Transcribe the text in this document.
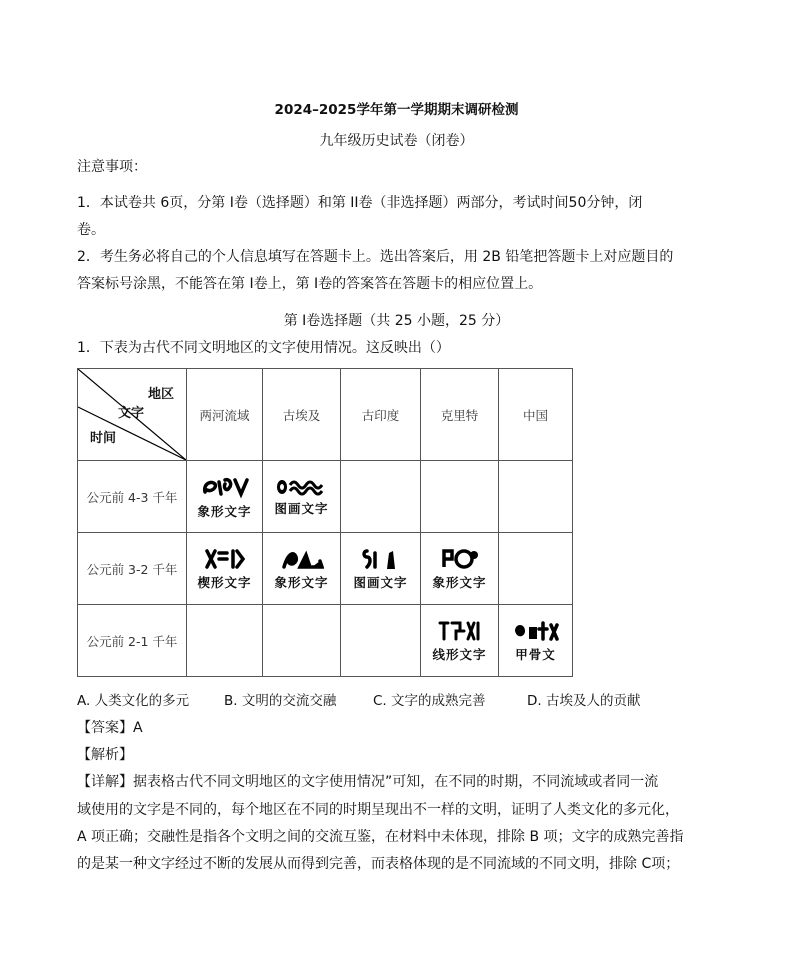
2024–2025学年第一学期期末调研检测
九年级历史试卷（闭卷）
注意事项：
1．本试卷共 6页，分第 I卷（选择题）和第 II卷（非选择题）两部分，考试时间50分钟，闭
卷。
2．考生务必将自己的个人信息填写在答题卡上。选出答案后，用 2B 铅笔把答题卡上对应题目的
答案标号涂黑，不能答在第 I卷上，第 I卷的答案答在答题卡的相应位置上。
第 I卷选择题（共 25 小题，25 分）
1．下表为古代不同文明地区的文字使用情况。这反映出（）
地区
文字
时间	两河流域	古埃及	古印度	克里特	中国
公元前 4-3 千年	象形文字	图画文字			

公元前 3-2 千年	楔形文字	象形文字	图画文字	象形文字	

公元前 2-1 千年				线形文字	甲骨文
A. 人类文化的多元	B. 文明的交流交融	C. 文字的成熟完善	D. 古埃及人的贡献
【答案】A
【解析】
【详解】据表格古代不同文明地区的文字使用情况”可知，在不同的时期，不同流域或者同一流
域使用的文字是不同的，每个地区在不同的时期呈现出不一样的文明，证明了人类文化的多元化，
A 项正确；交融性是指各个文明之间的交流互鉴，在材料中未体现，排除 B 项；文字的成熟完善指
的是某一种文字经过不断的发展从而得到完善，而表格体现的是不同流域的不同文明，排除 C项；
